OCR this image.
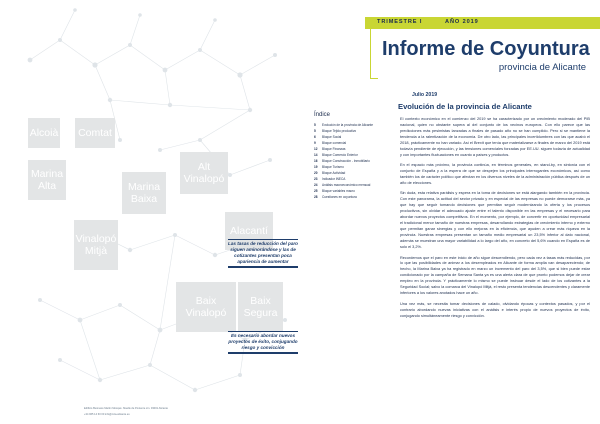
Alcoià Comtat
Marina Alta
Alt Vinalopó
Marina Baixa
Vinalopó Mitjà
Alacantí
Baix Vinalopó
Baix Segura
Las tasas de reducción del paro siguen aminorándose y las de cotizantes presentan poca apariencia de aumentar
Es necesario abordar nuevos proyectos de éxito, conjugando riesgo y convicción
Edificio Business Martín Mosqué. Muelle de Poniente s/n. 03001 Alicante
+34 965 14 60 00 info@ccia-alicante.es
TRIMESTRE I	AÑO 2019
Informe de Coyuntura
provincia de Alicante
Julio 2019
Evolución de la provincia de Alicante
Índice
5 Evolución de la provincia de Alicante
5 Bloque Tejido productivo
6 Bloque Social
9 Bloque comercial
12 Bloque Finanzas
14 Bloque Comercio Exterior
16 Bloque Construcción - Inmobiliario
19 Bloque Turismo
20 Bloque Actividad
23 Indicador INECA
24 Análisis macroeconómico mensual
25 Bloque variables macro
28 Cuestiones en coyuntura

El contexto económico en el comienzo del 2019 se ha caracterizado por un crecimiento moderado del PIB nacional, quien no obstante supera al del conjunto de los vecinos europeos. Con ello parece que las predicciones más pesimistas lanzadas a finales de pasado año no se han cumplido. Pero si se mantiene la tendencia a la ralentización de la economía. De otro lado, las principales incertidumbres con las que acabó el 2018, prácticamente no han variado. Así el Brexit que tenía que materializarse a finales de marzo del 2019 está todavía pendiente de ejecución, y las tensiones comerciales forzadas por EE.UU. siguen todavía de actualidad y con importantes fluctuaciones en cuanto a países y productos.

En el espacio más próximo, la provincia continúa, en términos generales, en stand-by, en sintonía con el conjunto de España y a la espera de que se despejen los principales interrogantes económicos, así como también los de carácter político que afectan en los diversos niveles de la administración pública después de un año de elecciones.

Sin duda, esta relativa parálisis y espera en la toma de decisiones se está alargando también en la provincia. Con este panorama, la actitud del sector privado y en especial de las empresas no puede demorarse más, ya que hay que seguir tomando decisiones que permitan seguir modernizando la oferta y los procesos productivos, sin olvidar el adecuado ajuste entre el talento disponible en las empresas y el necesario para abordar nuevos proyectos competitivos. En el momento, por ejemplo, de convertir en oportunidad empresarial el tradicional menor tamaño de nuestras empresas, desarrollando estrategias de crecimiento interno y externo que permitan ganar sinergias y con ello mejoras en la eficiencia, que ayuden a crear más riqueza en la provincia. Nuestras empresas presentan un tamaño medio empresarial un 23,5% inferior al dato nacional, además se muestran una mayor variabilidad a lo largo del año, en concreto del 5,6% cuando en España es de solo el 3,2%.

Recordemos que el paro en este inicio de año sigue descendiendo, pero cada vez a tasas más reducidas, por lo que las posibilidades de animar a los desempleados en Alicante de forma amplia van desapareciendo; de hecho, la Marina Baixa ya ha registrado en marzo un incremento del paro del 3,5%, que si bien puede estar condicionado por la campaña de Semana Santa ya es una alerta clara de que pronto podemos dejar de crear empleo en la provincia. Y prácticamente lo mismo se puede insinuar desde el lado de los cotizantes a la Seguridad Social; salvo la comarca del Vinalopó Mitjà, el resto presenta tendencias descendentes y claramente inferiores a los valores anotados hace un año.

Una vez más, se necesita tomar decisiones de calado, olvidando épocas y contextos pasados, y por el contrario abordando nuevas iniciativas con el análisis e interés propio de nuevos proyectos de éxito, conjugando simultáneamente riesgo y convicción.
